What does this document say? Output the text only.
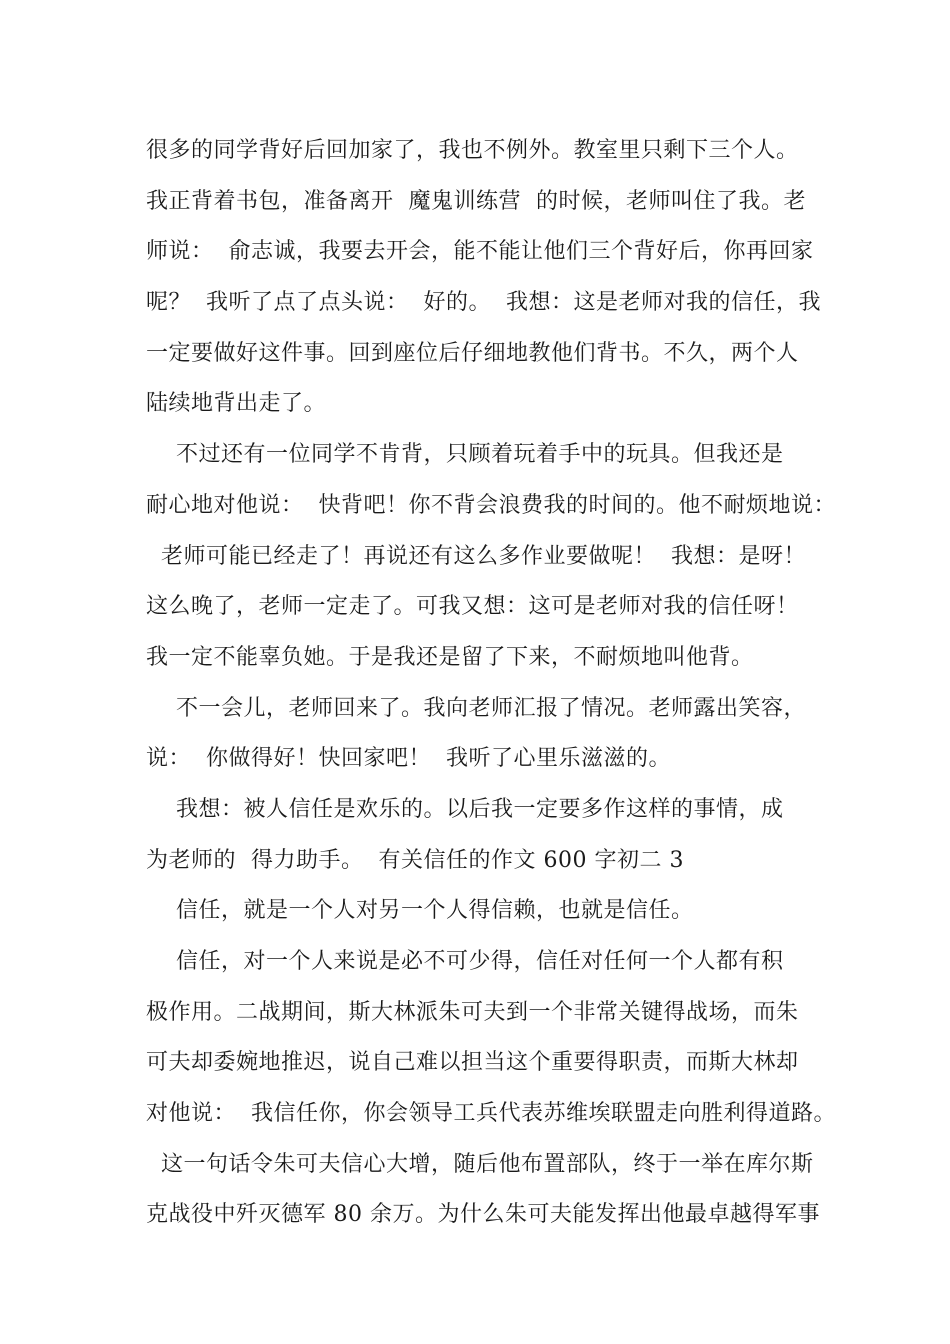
很多的同学背好后回加家了，我也不例外。教室里只剩下三个人。
我正背着书包，准备离开  魔鬼训练营  的时候，老师叫住了我。老
师说：  俞志诚，我要去开会，能不能让他们三个背好后，你再回家
呢？  我听了点了点头说：  好的。  我想：这是老师对我的信任，我
一定要做好这件事。回到座位后仔细地教他们背书。不久，两个人
陆续地背出走了。
不过还有一位同学不肯背，只顾着玩着手中的玩具。但我还是
耐心地对他说：  快背吧！你不背会浪费我的时间的。他不耐烦地说：
老师可能已经走了！再说还有这么多作业要做呢！  我想：是呀！
这么晚了，老师一定走了。可我又想：这可是老师对我的信任呀！
我一定不能辜负她。于是我还是留了下来，不耐烦地叫他背。
不一会儿，老师回来了。我向老师汇报了情况。老师露出笑容，
说：  你做得好！快回家吧！  我听了心里乐滋滋的。
我想：被人信任是欢乐的。以后我一定要多作这样的事情，成
为老师的  得力助手。  有关信任的作文 600 字初二 3
信任，就是一个人对另一个人得信赖，也就是信任。
信任，对一个人来说是必不可少得，信任对任何一个人都有积
极作用。二战期间，斯大林派朱可夫到一个非常关键得战场，而朱
可夫却委婉地推迟，说自己难以担当这个重要得职责，而斯大林却
对他说：  我信任你，你会领导工兵代表苏维埃联盟走向胜利得道路。
这一句话令朱可夫信心大增，随后他布置部队，终于一举在库尔斯
克战役中歼灭德军 80 余万。为什么朱可夫能发挥出他最卓越得军事
